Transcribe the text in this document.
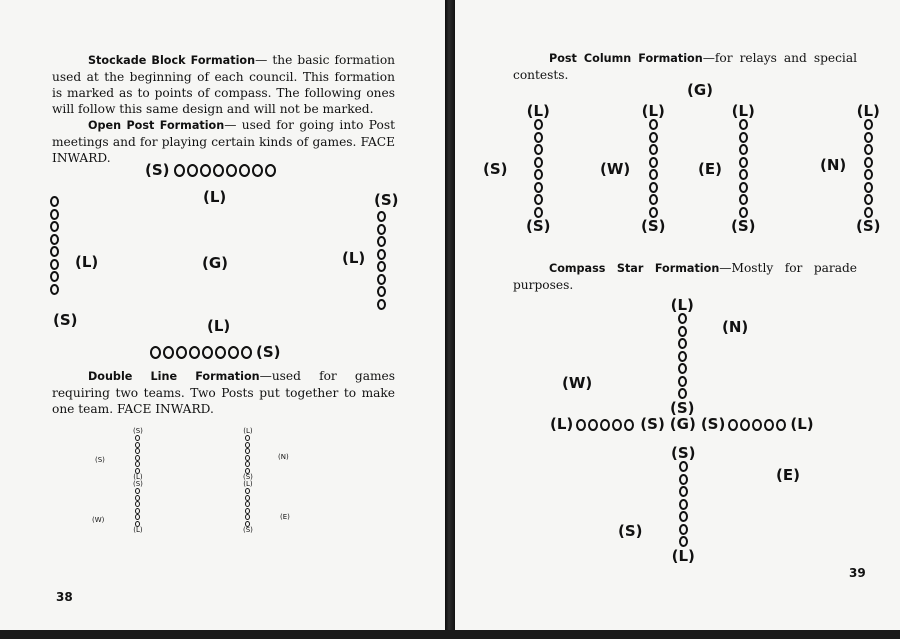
Stockade Block Formation— the basic formation used at the beginning of each council. This formation is marked as to points of compass. The following ones will follow this same design and will not be marked.
Open Post Formation— used for going into Post meetings and for playing certain kinds of games. FACE INWARD.
(S)
(L)
(L)
(S)
(G)
(S)
(L)
(L)
(S)
Double Line Formation—used for games requiring two teams. Two Posts put together to make one team. FACE INWARD.
(S)
(L)
(S)
(L)
(L)
(S)
(L)
(S)
(S)
(W)
(N)
(E)
38
Post Column Formation—for relays and special contests.
(G)
(S)	(W)	(E)	(N)
(L)
(S)
(L)
(S)
(L)
(S)
(L)
(S)
Compass Star Formation—Mostly for parade purposes.
(L)
(S)
(N)
(W)
(L)	(S) (G) (S)	(L)
(S)
(L)
(E)
(S)
39
